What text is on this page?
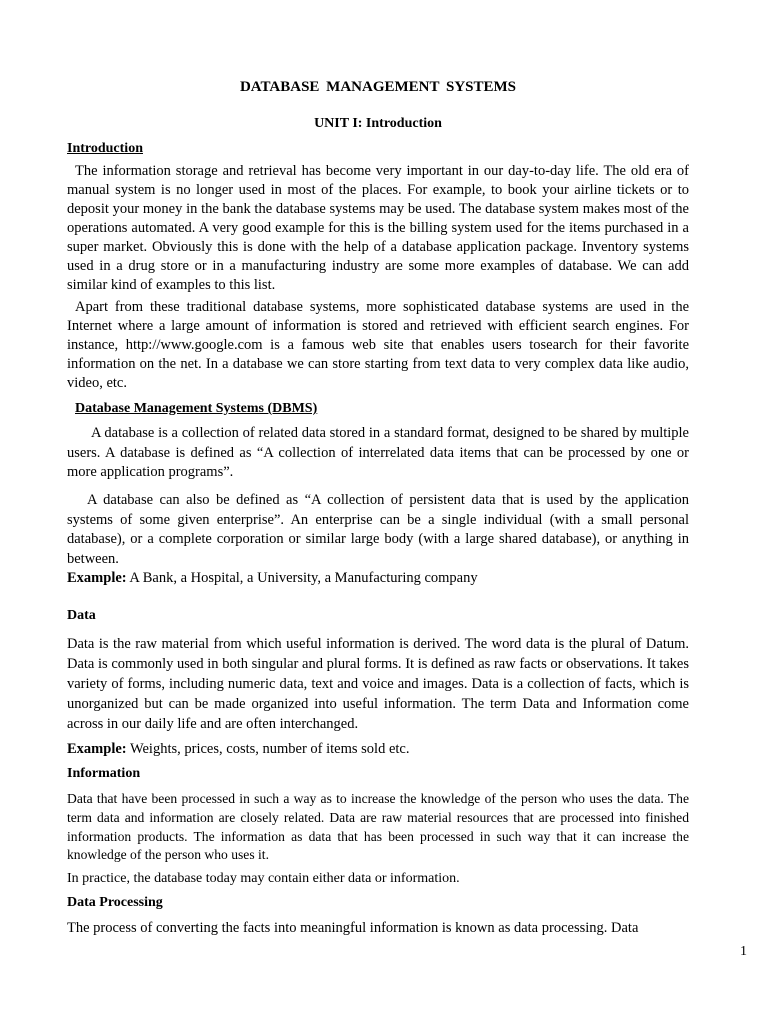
DATABASE MANAGEMENT SYSTEMS
UNIT I: Introduction
Introduction

The information storage and retrieval has become very important in our day-to-day life. The old era of manual system is no longer used in most of the places. For example, to book your airline tickets or to deposit your money in the bank the database systems may be used. The database system makes most of the operations automated. A very good example for this is the billing system used for the items purchased in a super market. Obviously this is done with the help of a database application package. Inventory systems used in a drug store or in a manufacturing industry are some more examples of database. We can add similar kind of examples to this list.

Apart from these traditional database systems, more sophisticated database systems are used in the Internet where a large amount of information is stored and retrieved with efficient search engines. For instance, http://www.google.com is a famous web site that enables users tosearch for their favorite information on the net. In a database we can store starting from text data to very complex data like audio, video, etc.

Database Management Systems (DBMS)

A database is a collection of related data stored in a standard format, designed to be shared by multiple users. A database is defined as “A collection of interrelated data items that can be processed by one or more application programs”.

A database can also be defined as “A collection of persistent data that is used by the application systems of some given enterprise”. An enterprise can be a single individual (with a small personal database), or a complete corporation or similar large body (with a large shared database), or anything in between.

Example: A Bank, a Hospital, a University, a Manufacturing company
Data

Data is the raw material from which useful information is derived. The word data is the plural of Datum. Data is commonly used in both singular and plural forms. It is defined as raw facts or observations. It takes variety of forms, including numeric data, text and voice and images. Data is a collection of facts, which is unorganized but can be made organized into useful information. The term Data and Information come across in our daily life and are often interchanged.

Example: Weights, prices, costs, number of items sold etc.
Information

Data that have been processed in such a way as to increase the knowledge of the person who uses the data. The term data and information are closely related. Data are raw material resources that are processed into finished information products. The information as data that has been processed in such way that it can increase the knowledge of the person who uses it.

In practice, the database today may contain either data or information.
Data Processing
The process of converting the facts into meaningful information is known as data processing. Data
1
